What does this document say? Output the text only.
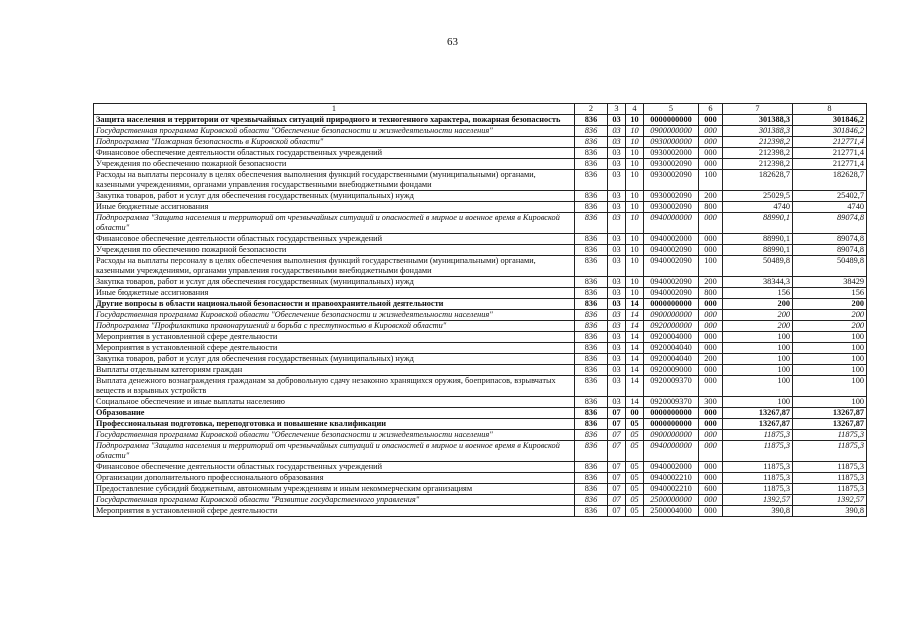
63
1	2	3	4	5	6	7	8
Защита населения и территории от чрезвычайных ситуаций природного и техногенного характера, пожарная безопасность	836	03	10	0000000000	000	301388,3	301846,2
Государственная программа Кировской области "Обеспечение безопасности и жизнедеятельности населения"	836	03	10	0900000000	000	301388,3	301846,2
Подпрограмма "Пожарная безопасность в Кировской области"	836	03	10	0930000000	000	212398,2	212771,4
Финансовое обеспечение деятельности областных государственных учреждений	836	03	10	0930002000	000	212398,2	212771,4
Учреждения по обеспечению пожарной безопасности	836	03	10	0930002090	000	212398,2	212771,4
Расходы на выплаты персоналу в целях обеспечения выполнения функций государственными (муниципальными) органами, казенными учреждениями, органами управления государственными внебюджетными фондами	836	03	10	0930002090	100	182628,7	182628,7
Закупка товаров, работ и услуг для обеспечения государственных (муниципальных) нужд	836	03	10	0930002090	200	25029,5	25402,7
Иные бюджетные ассигнования	836	03	10	0930002090	800	4740	4740
Подпрограмма "Защита населения и территорий от чрезвычайных ситуаций и опасностей в мирное и военное время в Кировской области"	836	03	10	0940000000	000	88990,1	89074,8
Финансовое обеспечение деятельности областных государственных учреждений	836	03	10	0940002000	000	88990,1	89074,8
Учреждения по обеспечению пожарной безопасности	836	03	10	0940002090	000	88990,1	89074,8
Расходы на выплаты персоналу в целях обеспечения выполнения функций государственными (муниципальными) органами, казенными учреждениями, органами управления государственными внебюджетными фондами	836	03	10	0940002090	100	50489,8	50489,8
Закупка товаров, работ и услуг для обеспечения государственных (муниципальных) нужд	836	03	10	0940002090	200	38344,3	38429
Иные бюджетные ассигнования	836	03	10	0940002090	800	156	156
Другие вопросы в области национальной безопасности и правоохранительной деятельности	836	03	14	0000000000	000	200	200
Государственная программа Кировской области "Обеспечение безопасности и жизнедеятельности населения"	836	03	14	0900000000	000	200	200
Подпрограмма "Профилактика правонарушений и борьба с преступностью в Кировской области"	836	03	14	0920000000	000	200	200
Мероприятия в установленной сфере деятельности	836	03	14	0920004000	000	100	100
Мероприятия в установленной сфере деятельности	836	03	14	0920004040	000	100	100
Закупка товаров, работ и услуг для обеспечения государственных (муниципальных) нужд	836	03	14	0920004040	200	100	100
Выплаты отдельным категориям граждан	836	03	14	0920009000	000	100	100
Выплата денежного вознаграждения гражданам за добровольную сдачу незаконно хранящихся оружия, боеприпасов, взрывчатых веществ и взрывных устройств	836	03	14	0920009370	000	100	100
Социальное обеспечение и иные выплаты населению	836	03	14	0920009370	300	100	100
Образование	836	07	00	0000000000	000	13267,87	13267,87
Профессиональная подготовка, переподготовка и повышение квалификации	836	07	05	0000000000	000	13267,87	13267,87
Государственная программа Кировской области "Обеспечение безопасности и жизнедеятельности населения"	836	07	05	0900000000	000	11875,3	11875,3
Подпрограмма "Защита населения и территорий от чрезвычайных ситуаций и опасностей в мирное и военное время в Кировской области"	836	07	05	0940000000	000	11875,3	11875,3
Финансовое обеспечение деятельности областных государственных учреждений	836	07	05	0940002000	000	11875,3	11875,3
Организации дополнительного профессионального образования	836	07	05	0940002210	000	11875,3	11875,3
Предоставление субсидий бюджетным, автономным учреждениям и иным некоммерческим организациям	836	07	05	0940002210	600	11875,3	11875,3
Государственная программа Кировской области "Развитие государственного управления"	836	07	05	2500000000	000	1392,57	1392,57
Мероприятия в установленной сфере деятельности	836	07	05	2500004000	000	390,8	390,8
